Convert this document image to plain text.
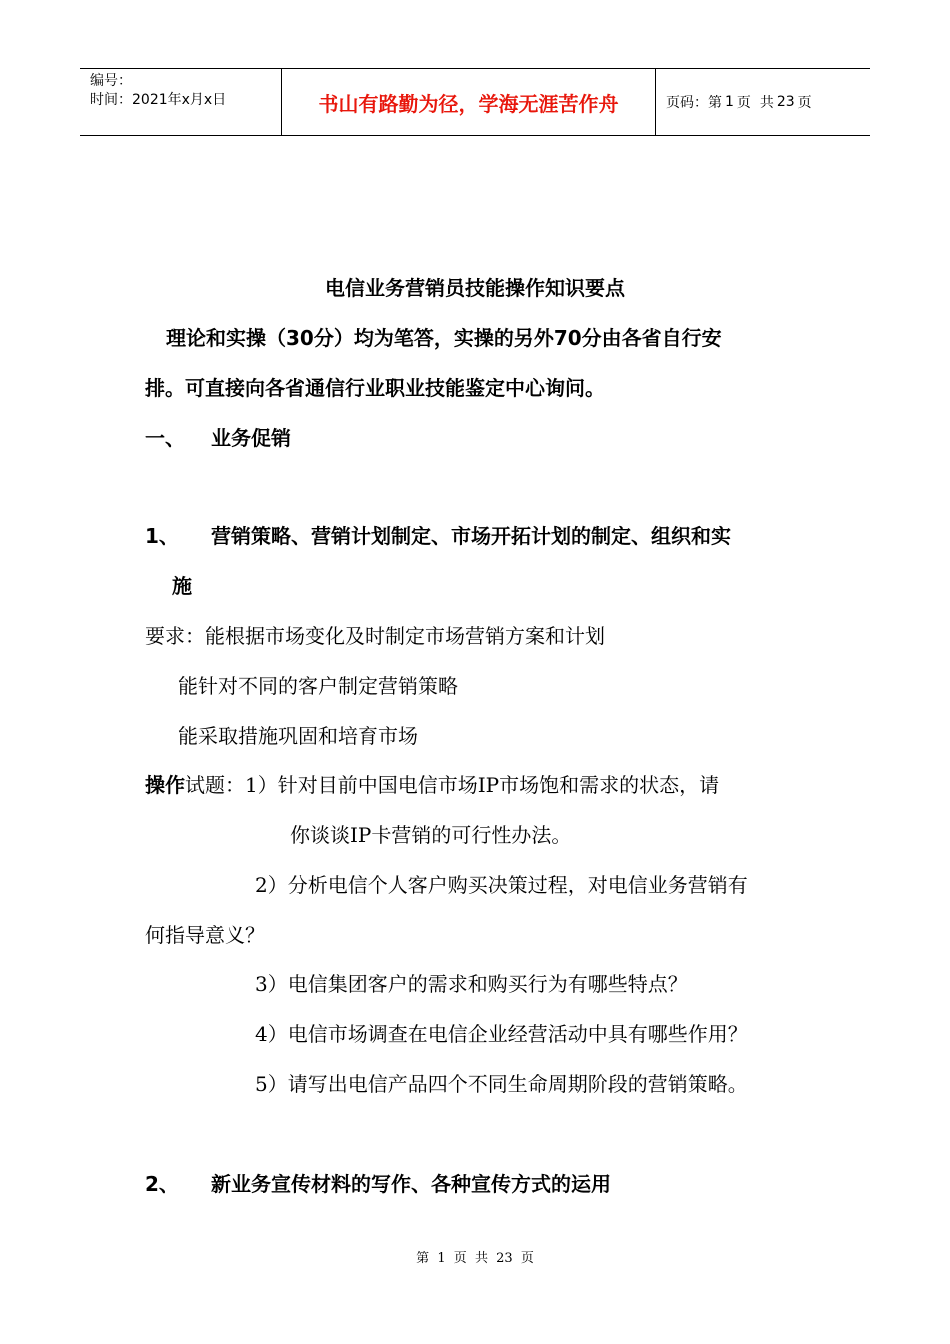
编号：
时间：2021年x月x日	书山有路勤为径，学海无涯苦作舟	页码：第 1 页  共 23 页
电信业务营销员技能操作知识要点
理论和实操（30分）均为笔答，实操的另外70分由各省自行安
排。可直接向各省通信行业职业技能鉴定中心询问。
一、 业务促销
1、 营销策略、营销计划制定、市场开拓计划的制定、组织和实
施
要求：能根据市场变化及时制定市场营销方案和计划
能针对不同的客户制定营销策略
能采取措施巩固和培育市场
操作试题：1）针对目前中国电信市场IP市场饱和需求的状态，请
你谈谈IP卡营销的可行性办法。
2）分析电信个人客户购买决策过程，对电信业务营销有
何指导意义？
3）电信集团客户的需求和购买行为有哪些特点？
4）电信市场调查在电信企业经营活动中具有哪些作用？
5）请写出电信产品四个不同生命周期阶段的营销策略。
2、 新业务宣传材料的写作、各种宣传方式的运用
第 1 页  共 23 页
